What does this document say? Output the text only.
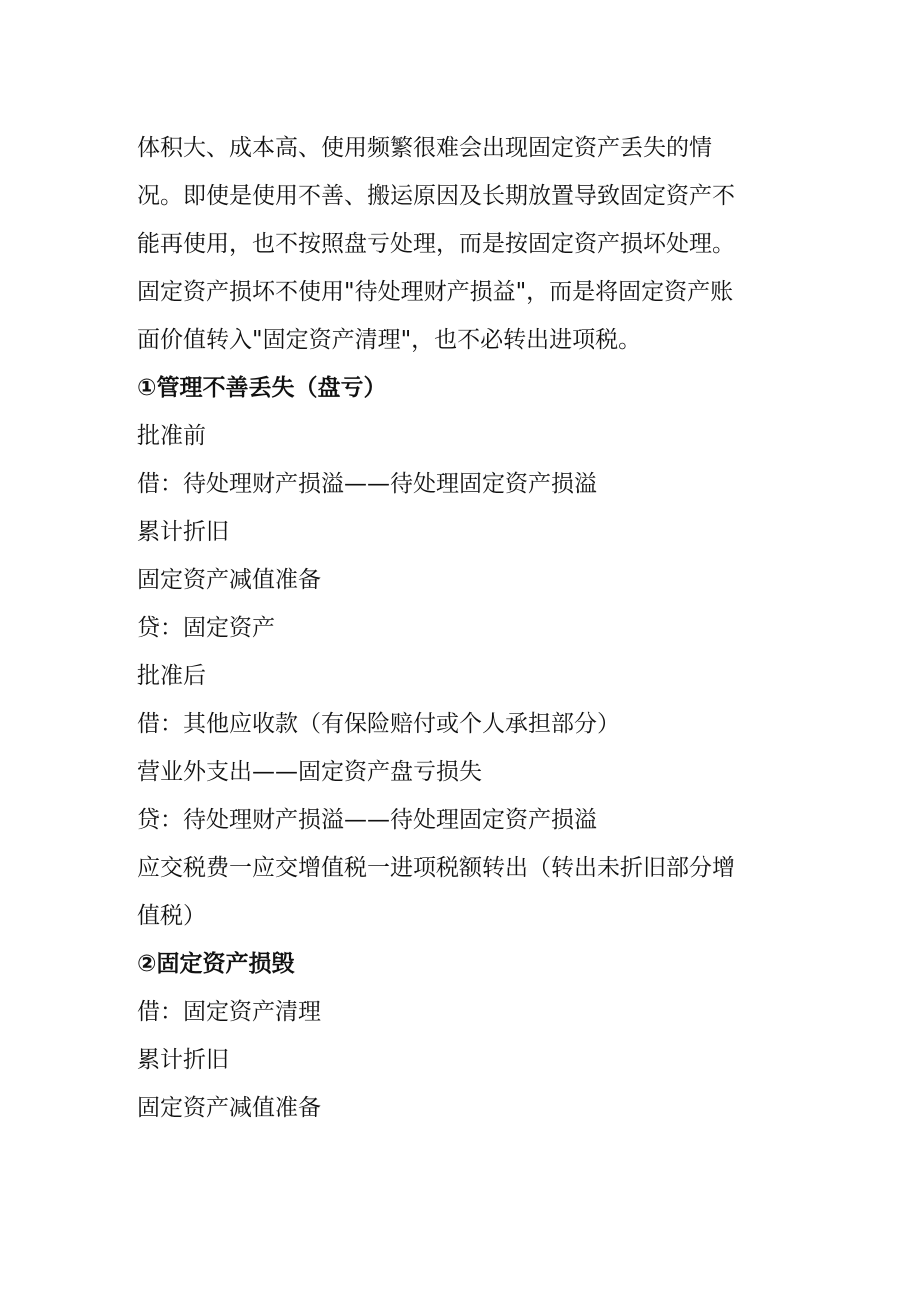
体积大、成本高、使用频繁很难会出现固定资产丢失的情
况。即使是使用不善、搬运原因及长期放置导致固定资产不
能再使用，也不按照盘亏处理，而是按固定资产损坏处理。
固定资产损坏不使用"待处理财产损益"，而是将固定资产账
面价值转入"固定资产清理"，也不必转出进项税。
①管理不善丢失（盘亏）
批准前
借：待处理财产损溢——待处理固定资产损溢
累计折旧
固定资产减值准备
贷：固定资产
批准后
借：其他应收款（有保险赔付或个人承担部分）
营业外支出——固定资产盘亏损失
贷：待处理财产损溢——待处理固定资产损溢
应交税费一应交增值税一进项税额转出（转出未折旧部分增
值税）
②固定资产损毁
借：固定资产清理
累计折旧
固定资产减值准备
